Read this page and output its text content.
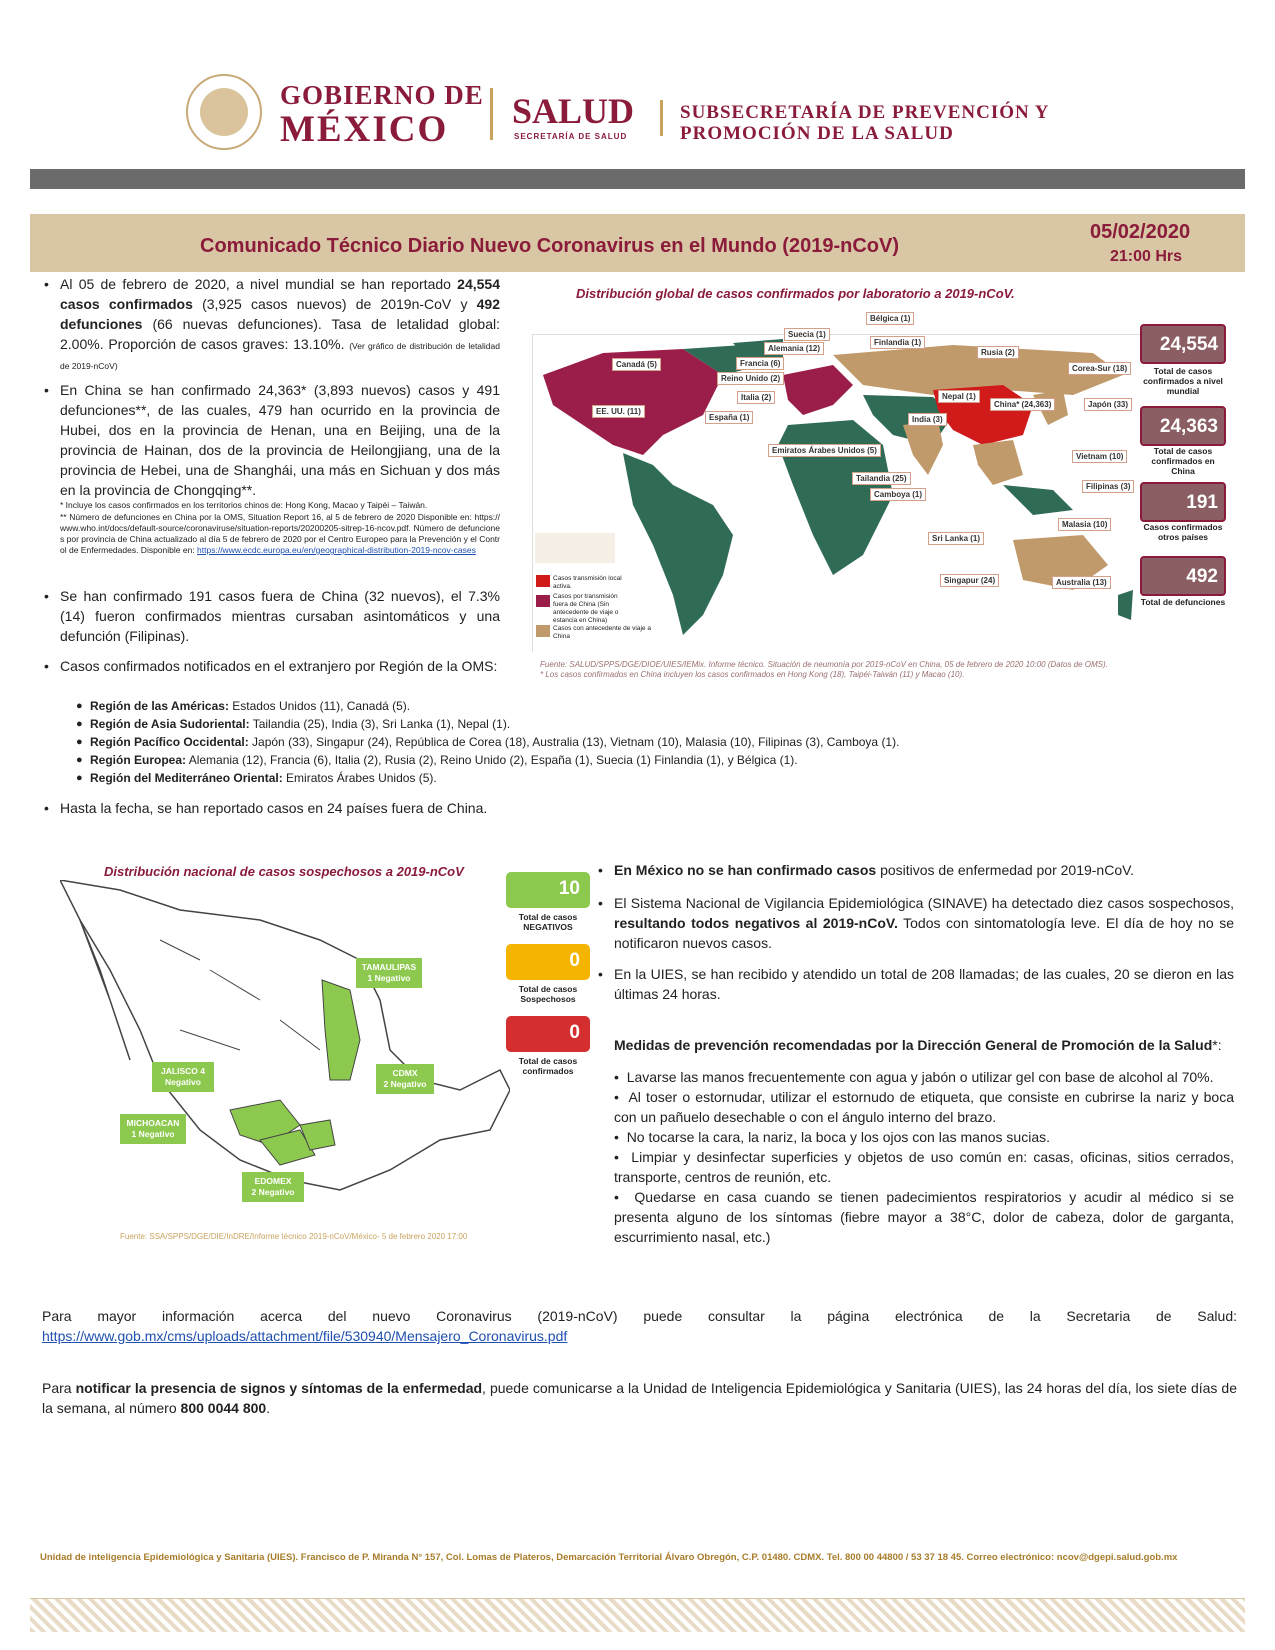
GOBIERNO DE
MÉXICO SALUD
SECRETARÍA DE SALUD
SUBSECRETARÍA DE PREVENCIÓN Y
PROMOCIÓN DE LA SALUD
Comunicado Técnico Diario Nuevo Coronavirus en el Mundo (2019-nCoV)
05/02/2020
21:00 Hrs
• Al 05 de febrero de 2020, a nivel mundial se han reportado 24,554 casos confirmados (3,925 casos nuevos) de 2019n-CoV y 492 defunciones (66 nuevas defunciones). Tasa de letalidad global: 2.00%. Proporción de casos graves: 13.10%. (Ver gráfico de distribución de letalidad de 2019-nCoV)
• En China se han confirmado 24,363* (3,893 nuevos) casos y 491 defunciones**, de las cuales, 479 han ocurrido en la provincia de Hubei, dos en la provincia de Henan, una en Beijing, una de la provincia de Hainan, dos de la provincia de Heilongjiang, una de la provincia de Hebei, una de Shanghái, una más en Sichuan y dos más en la provincia de Chongqing**.
* Incluye los casos confirmados en los territorios chinos de: Hong Kong, Macao y Taipéi – Taiwán.
** Número de defunciones en China por la OMS, Situation Report 16, al 5 de febrero de 2020 Disponible en: https://www.who.int/docs/default-source/coronaviruse/situation-reports/20200205-sitrep-16-ncov.pdf. Número de defunciones por provincia de China actualizado al día 5 de febrero de 2020 por el Centro Europeo para la Prevención y el Control de Enfermedades. Disponible en: https://www.ecdc.europa.eu/en/geographical-distribution-2019-ncov-cases
• Se han confirmado 191 casos fuera de China (32 nuevos), el 7.3% (14) fueron confirmados mientras cursaban asintomáticos y una defunción (Filipinas).
• Casos confirmados notificados en el extranjero por Región de la OMS:
● Región de las Américas: Estados Unidos (11), Canadá (5).
● Región de Asia Sudoriental: Tailandia (25), India (3), Sri Lanka (1), Nepal (1).
● Región Pacífico Occidental: Japón (33), Singapur (24), República de Corea (18), Australia (13), Vietnam (10), Malasia (10), Filipinas (3), Camboya (1).
● Región Europea: Alemania (12), Francia (6), Italia (2), Rusia (2), Reino Unido (2), España (1), Suecia (1) Finlandia (1), y Bélgica (1).
● Región del Mediterráneo Oriental: Emiratos Árabes Unidos (5).
• Hasta la fecha, se han reportado casos en 24 países fuera de China.
Distribución global de casos confirmados por laboratorio a 2019-nCoV.
Casos transmisión local activa.
Casos por transmisión fuera de China (Sin antecedente de viaje o estancia en China)
Casos con antecedente de viaje a China
Bélgica (1)
Suecia (1)
Finlandia (1)
Alemania (12)
Francia (6)
Reino Unido (2)
Italia (2)
España (1)
Canadá (5)
EE. UU. (11)
Rusia (2)
Corea-Sur (18)
Nepal (1)
China* (24,363)	Japón (33)
India (3)
Emiratos Árabes Unidos (5)
Vietnam (10)
Tailandia (25)
Camboya (1)
Filipinas (3)
Malasia (10)
Sri Lanka (1)
Singapur (24)	Australia (13)
24,554
Total de casos confirmados a nivel mundial
24,363
Total de casos confirmados en China
191
Casos confirmados otros países
492
Total de defunciones
Fuente: SALUD/SPPS/DGE/DIOE/UIES/IEMix. Informe técnico. Situación de neumonía por 2019-nCoV en China, 05 de febrero de 2020 10:00 (Datos de OMS).
* Los casos confirmados en China incluyen los casos confirmados en Hong Kong (18), Taipéi-Taiwán (11) y Macao (10).
Distribución nacional de casos sospechosos a 2019-nCoV
TAMAULIPAS
1 Negativo
JALISCO 4
Negativo
CDMX
2 Negativo
MICHOACAN
1 Negativo
EDOMEX
2 Negativo
10
Total de casos NEGATIVOS
0
Total de casos Sospechosos
0
Total de casos confirmados
Fuente: SSA/SPPS/DGE/DIE/InDRE/Informe técnico 2019-nCoV/México- 5 de febrero 2020 17:00
• En México no se han confirmado casos positivos de enfermedad por 2019-nCoV.
• El Sistema Nacional de Vigilancia Epidemiológica (SINAVE) ha detectado diez casos sospechosos, resultando todos negativos al 2019-nCoV. Todos con sintomatología leve. El día de hoy no se notificaron nuevos casos.
• En la UIES, se han recibido y atendido un total de 208 llamadas; de las cuales, 20 se dieron en las últimas 24 horas.
Medidas de prevención recomendadas por la Dirección General de Promoción de la Salud*:
•  Lavarse las manos frecuentemente con agua y jabón o utilizar gel con base de alcohol al 70%.
•  Al toser o estornudar, utilizar el estornudo de etiqueta, que consiste en cubrirse la nariz y boca con un pañuelo desechable o con el ángulo interno del brazo.
•  No tocarse la cara, la nariz, la boca y los ojos con las manos sucias.
•  Limpiar y desinfectar superficies y objetos de uso común en: casas, oficinas, sitios cerrados, transporte, centros de reunión, etc.
•  Quedarse en casa cuando se tienen padecimientos respiratorios y acudir al médico si se presenta alguno de los síntomas (fiebre mayor a 38°C, dolor de cabeza, dolor de garganta, escurrimiento nasal, etc.)
Para mayor información acerca del nuevo Coronavirus (2019-nCoV) puede consultar la página electrónica de la Secretaria de Salud:
https://www.gob.mx/cms/uploads/attachment/file/530940/Mensajero_Coronavirus.pdf
Para notificar la presencia de signos y síntomas de la enfermedad, puede comunicarse a la Unidad de Inteligencia Epidemiológica y Sanitaria (UIES), las 24 horas del día, los siete días de la semana, al número 800 0044 800.
Unidad de inteligencia Epidemiológica y Sanitaria (UIES). Francisco de P. Miranda N° 157, Col. Lomas de Plateros, Demarcación Territorial Álvaro Obregón, C.P. 01480. CDMX. Tel. 800 00 44800 / 53 37 18 45. Correo electrónico: ncov@dgepi.salud.gob.mx
